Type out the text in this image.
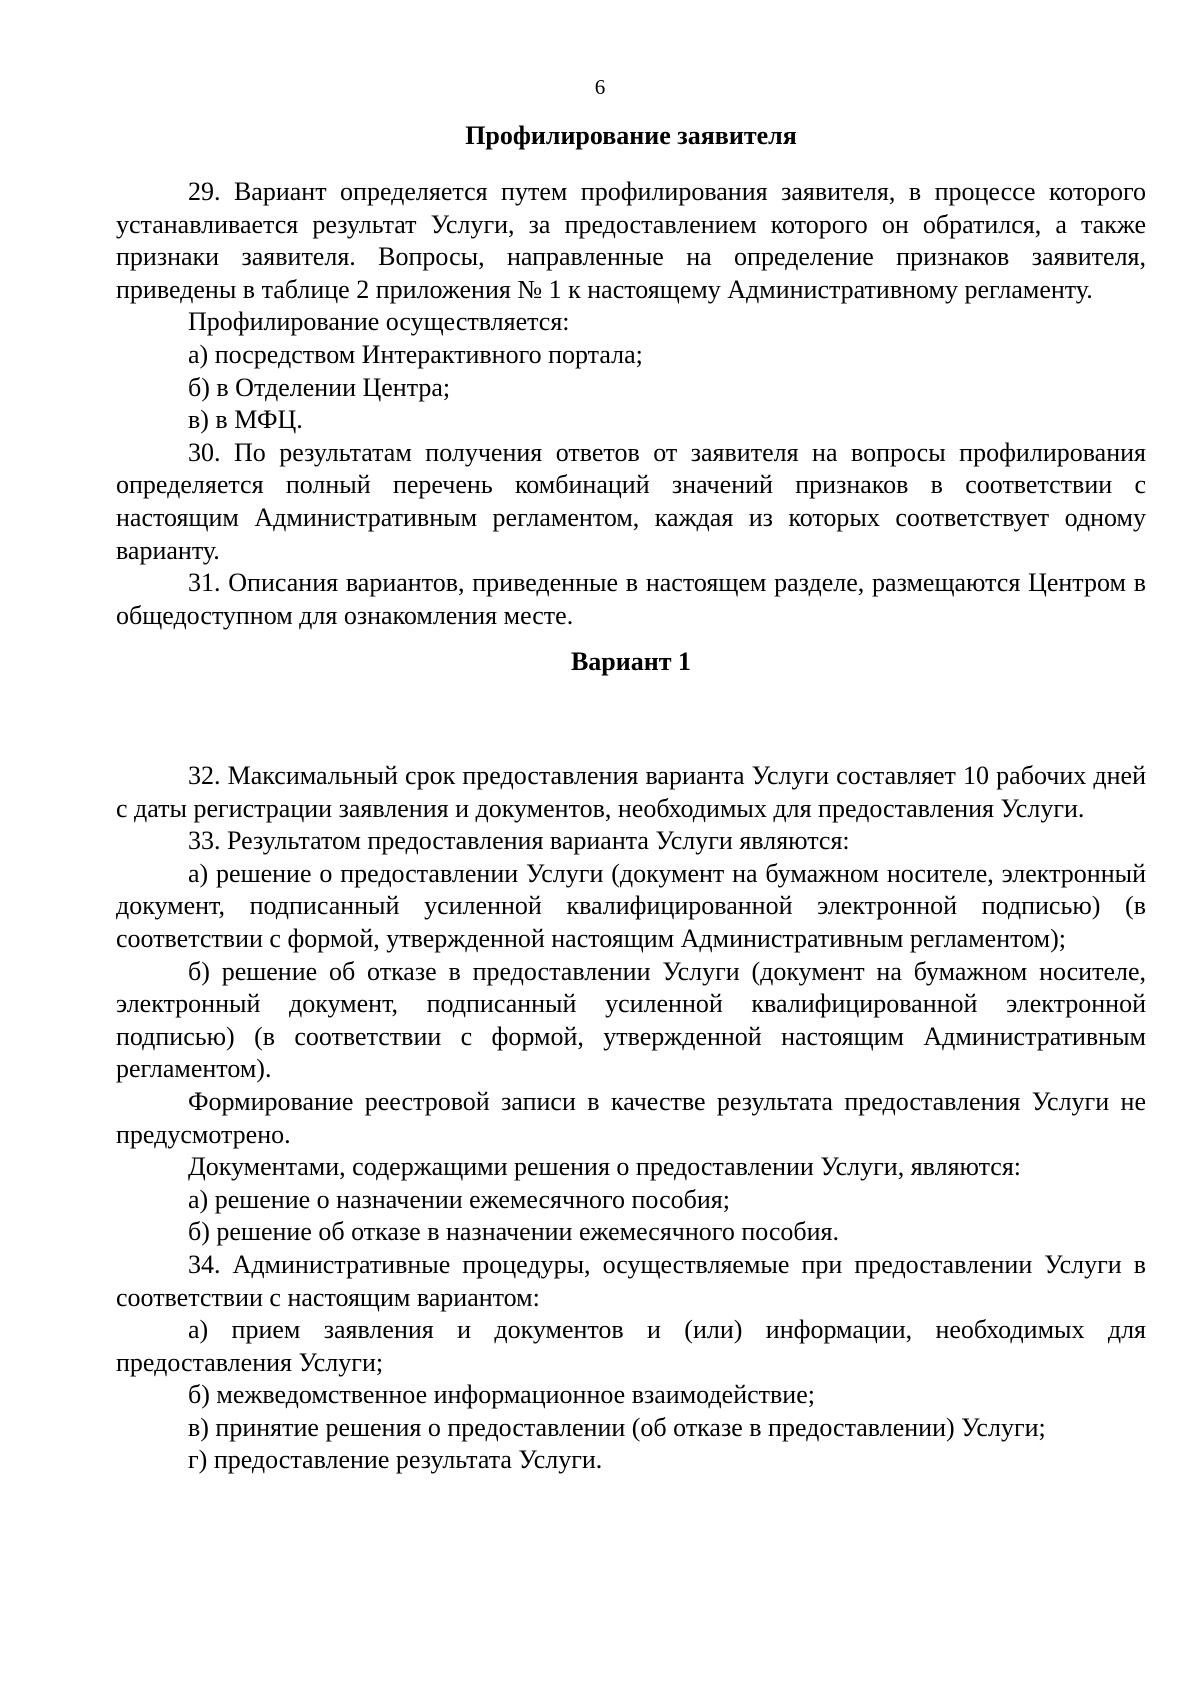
6
Профилирование заявителя

29. Вариант определяется путем профилирования заявителя, в процессе которого устанавливается результат Услуги, за предоставлением которого он обратился, а также признаки заявителя. Вопросы, направленные на определение признаков заявителя, приведены в таблице 2 приложения № 1 к настоящему Административному регламенту.

Профилирование осуществляется:

а) посредством Интерактивного портала;

б) в Отделении Центра;

в) в МФЦ.

30. По результатам получения ответов от заявителя на вопросы профилирования определяется полный перечень комбинаций значений признаков в соответствии с настоящим Административным регламентом, каждая из которых соответствует одному варианту.

31. Описания вариантов, приведенные в настоящем разделе, размещаются Центром в общедоступном для ознакомления месте.

Вариант 1

32. Максимальный срок предоставления варианта Услуги составляет 10 рабочих дней с даты регистрации заявления и документов, необходимых для предоставления Услуги.

33. Результатом предоставления варианта Услуги являются:

а) решение о предоставлении Услуги (документ на бумажном носителе, электронный документ, подписанный усиленной квалифицированной электронной подписью) (в соответствии с формой, утвержденной настоящим Административным регламентом);

б) решение об отказе в предоставлении Услуги (документ на бумажном носителе, электронный документ, подписанный усиленной квалифицированной электронной подписью) (в соответствии с формой, утвержденной настоящим Административным регламентом).

Формирование реестровой записи в качестве результата предоставления Услуги не предусмотрено.

Документами, содержащими решения о предоставлении Услуги, являются:

а) решение о назначении ежемесячного пособия;

б) решение об отказе в назначении ежемесячного пособия.

34. Административные процедуры, осуществляемые при предоставлении Услуги в соответствии с настоящим вариантом:

а) прием заявления и документов и (или) информации, необходимых для предоставления Услуги;

б) межведомственное информационное взаимодействие;

в) принятие решения о предоставлении (об отказе в предоставлении) Услуги;

г) предоставление результата Услуги.
